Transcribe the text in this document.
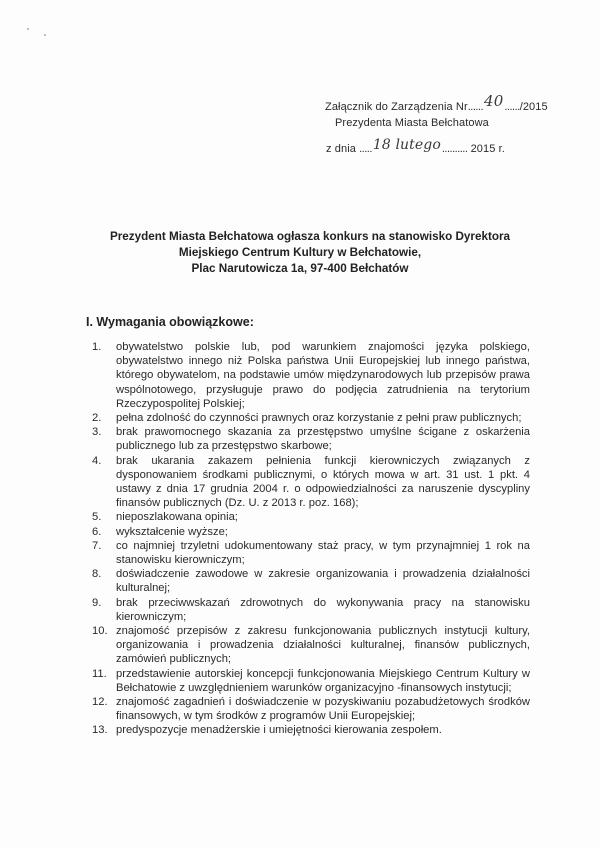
Załącznik do Zarządzenia Nr......40....../2015
Prezydenta Miasta Bełchatowa
z dnia .....18 lutego.......... 2015 r.
Prezydent Miasta Bełchatowa ogłasza konkurs na stanowisko Dyrektora
Miejskiego Centrum Kultury w Bełchatowie,
Plac Narutowicza 1a, 97-400 Bełchatów
I. Wymagania obowiązkowe:
1.	obywatelstwo polskie lub, pod warunkiem znajomości języka polskiego, obywatelstwo innego niż Polska państwa Unii Europejskiej lub innego państwa, którego obywatelom, na podstawie umów międzynarodowych lub przepisów prawa wspólnotowego, przysługuje prawo do podjęcia zatrudnienia na terytorium Rzeczypospolitej Polskiej;
2.	pełna zdolność do czynności prawnych oraz korzystanie z pełni praw publicznych;
3.	brak prawomocnego skazania za przestępstwo umyślne ścigane z oskarżenia publicznego lub za przestępstwo skarbowe;
4.	brak ukarania zakazem pełnienia funkcji kierowniczych związanych z dysponowaniem środkami publicznymi, o których mowa w art. 31 ust. 1 pkt. 4 ustawy z dnia 17 grudnia 2004 r. o odpowiedzialności za naruszenie dyscypliny finansów publicznych (Dz. U. z 2013 r. poz. 168);
5.	nieposzlakowana opinia;
6.	wykształcenie wyższe;
7.	co najmniej trzyletni udokumentowany staż pracy, w tym przynajmniej 1 rok na stanowisku kierowniczym;
8.	doświadczenie zawodowe w zakresie organizowania i prowadzenia działalności kulturalnej;
9.	brak przeciwwskazań zdrowotnych do wykonywania pracy na stanowisku kierowniczym;
10. znajomość przepisów z zakresu funkcjonowania publicznych instytucji kultury, organizowania i prowadzenia działalności kulturalnej, finansów publicznych, zamówień publicznych;
11. przedstawienie autorskiej koncepcji funkcjonowania Miejskiego Centrum Kultury w Bełchatowie z uwzględnieniem warunków organizacyjno -finansowych instytucji;
12. znajomość zagadnień i doświadczenie w pozyskiwaniu pozabudżetowych środków finansowych, w tym środków z programów Unii Europejskiej;
13. predyspozycje menadżerskie i umiejętności kierowania zespołem.
